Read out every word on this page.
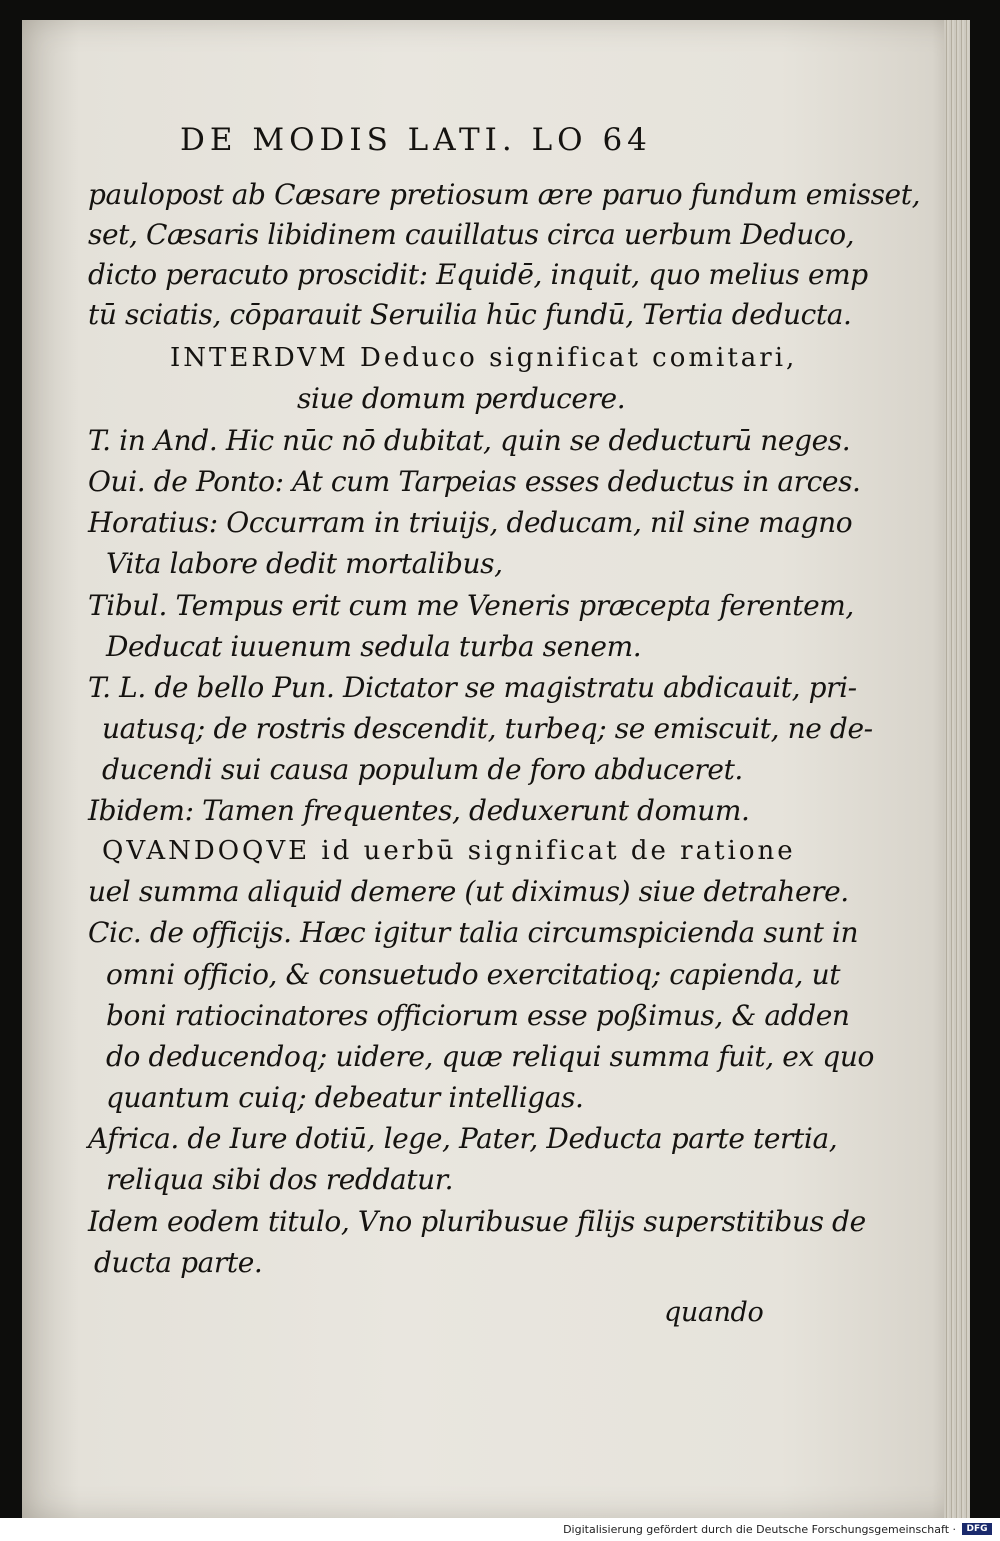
DE MODIS LATI. LO 64
paulopost ab Cæsare pretiosum ære paruo fundum emisset,
set, Cæsaris libidinem cauillatus circa uerbum Deduco,
dicto peracuto proscidit: Equidē, inquit, quo melius emp
tū sciatis, cōparauit Seruilia hūc fundū, Tertia deducta.
INTERDVM Deduco significat comitari,
siue domum perducere.
T. in And. Hic nūc nō dubitat, quin se deducturū neges.
Oui. de Ponto: At cum Tarpeias esses deductus in arces.
Horatius: Occurram in triuijs, deducam, nil sine magno
Vita labore dedit mortalibus,
Tibul. Tempus erit cum me Veneris præcepta ferentem,
Deducat iuuenum sedula turba senem.
T. L. de bello Pun. Dictator se magistratu abdicauit, pri-
uatusq; de rostris descendit, turbeq; se emiscuit, ne de-
ducendi sui causa populum de foro abduceret.
Ibidem: Tamen frequentes, deduxerunt domum.
QVANDOQVE id uerbū significat de ratione
uel summa aliquid demere (ut diximus) siue detrahere.
Cic. de officijs. Hæc igitur talia circumspicienda sunt in
omni officio, & consuetudo exercitatioq; capienda, ut
boni ratiocinatores officiorum esse poßimus, & adden
do deducendoq; uidere, quæ reliqui summa fuit, ex quo
quantum cuiq; debeatur intelligas.
Africa. de Iure dotiū, lege, Pater, Deducta parte tertia,
reliqua sibi dos reddatur.
Idem eodem titulo, Vno pluribusue filijs superstitibus de
ducta parte.
quando
Digitalisierung gefördert durch die Deutsche Forschungsgemeinschaft ·	DFG
